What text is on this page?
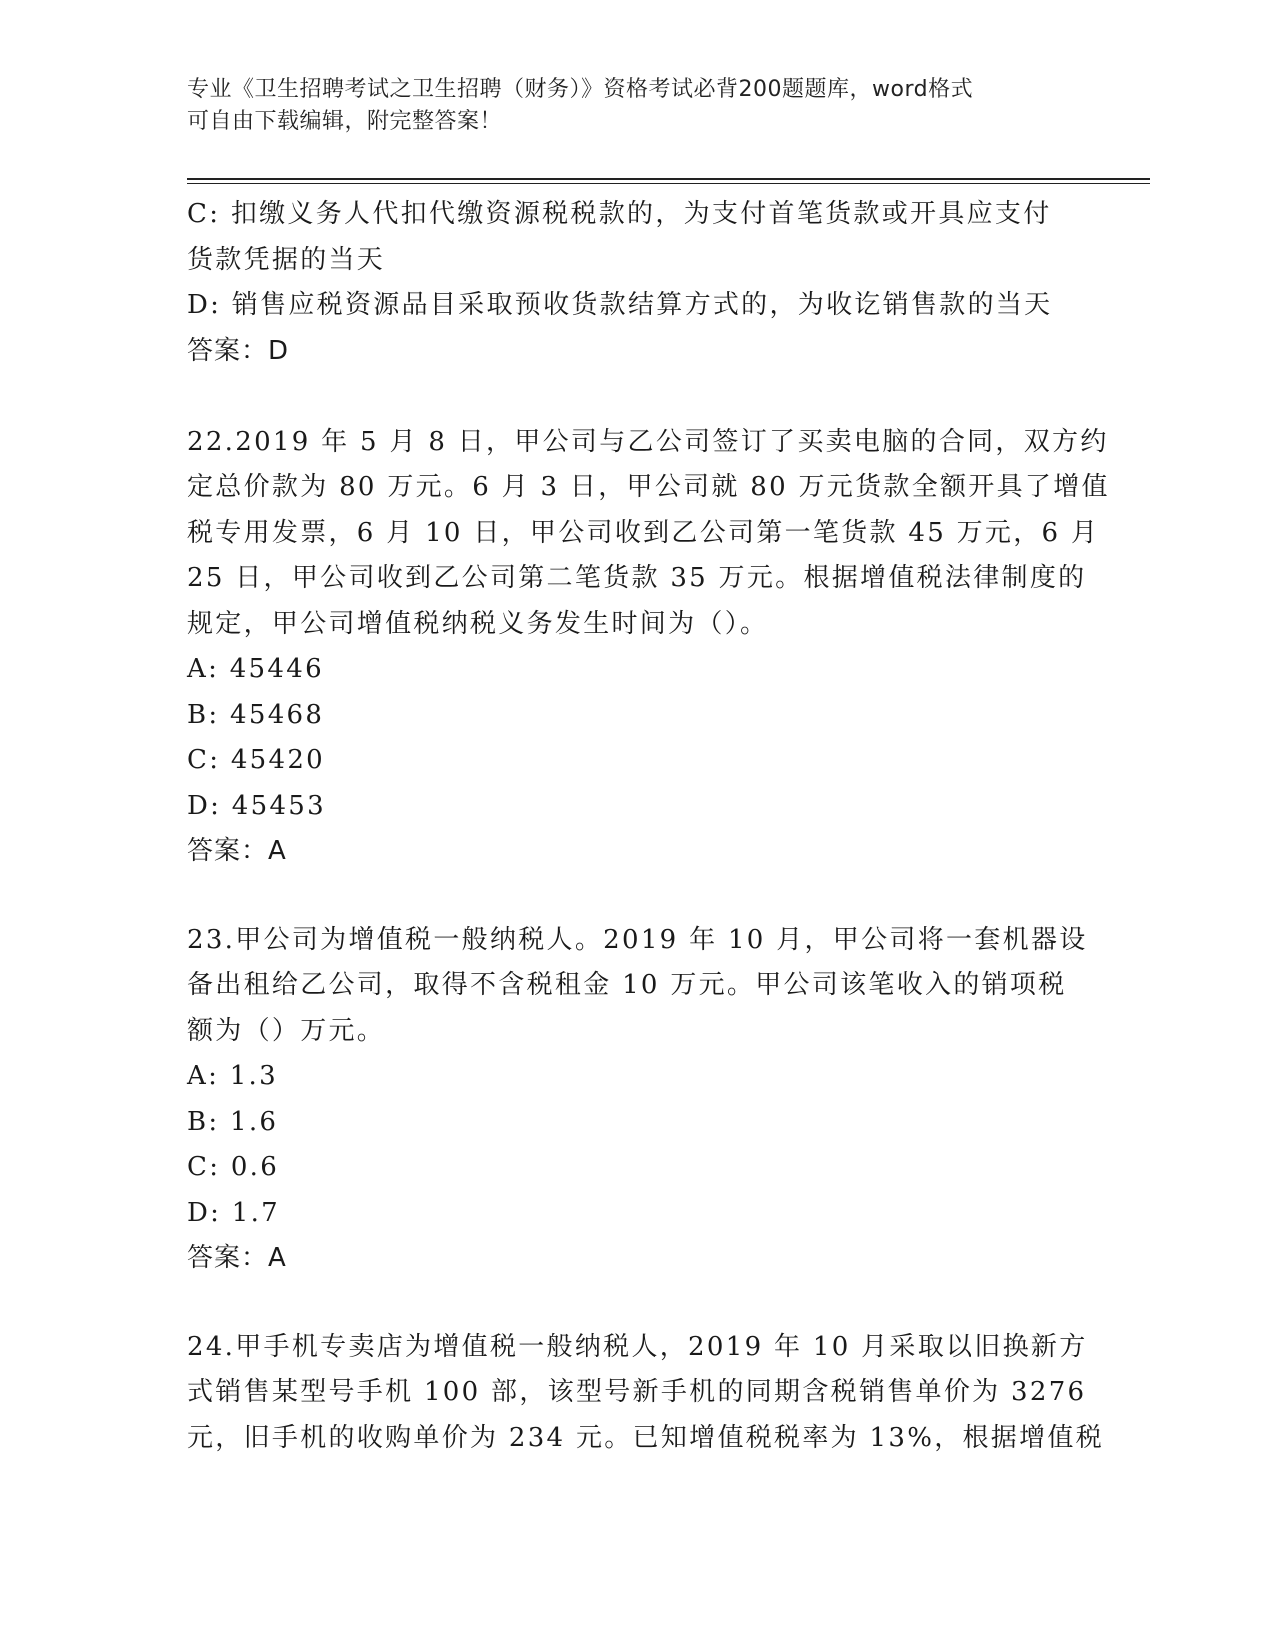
专业《卫生招聘考试之卫生招聘（财务）》资格考试必背200题题库，word格式
可自由下载编辑，附完整答案！
C: 扣缴义务人代扣代缴资源税税款的，为支付首笔货款或开具应支付
货款凭据的当天
D: 销售应税资源品目采取预收货款结算方式的，为收讫销售款的当天
答案：D
22.2019 年 5 月 8 日，甲公司与乙公司签订了买卖电脑的合同，双方约
定总价款为 80 万元。6 月 3 日，甲公司就 80 万元货款全额开具了增值
税专用发票，6 月 10 日，甲公司收到乙公司第一笔货款 45 万元，6 月
25 日，甲公司收到乙公司第二笔货款 35 万元。根据增值税法律制度的
规定，甲公司增值税纳税义务发生时间为（）。
A: 45446
B: 45468
C: 45420
D: 45453
答案：A
23.甲公司为增值税一般纳税人。2019 年 10 月，甲公司将一套机器设
备出租给乙公司，取得不含税租金 10 万元。甲公司该笔收入的销项税
额为（）万元。
A: 1.3
B: 1.6
C: 0.6
D: 1.7
答案：A
24.甲手机专卖店为增值税一般纳税人，2019 年 10 月采取以旧换新方
式销售某型号手机 100 部，该型号新手机的同期含税销售单价为 3276
元，旧手机的收购单价为 234 元。已知增值税税率为 13%，根据增值税
